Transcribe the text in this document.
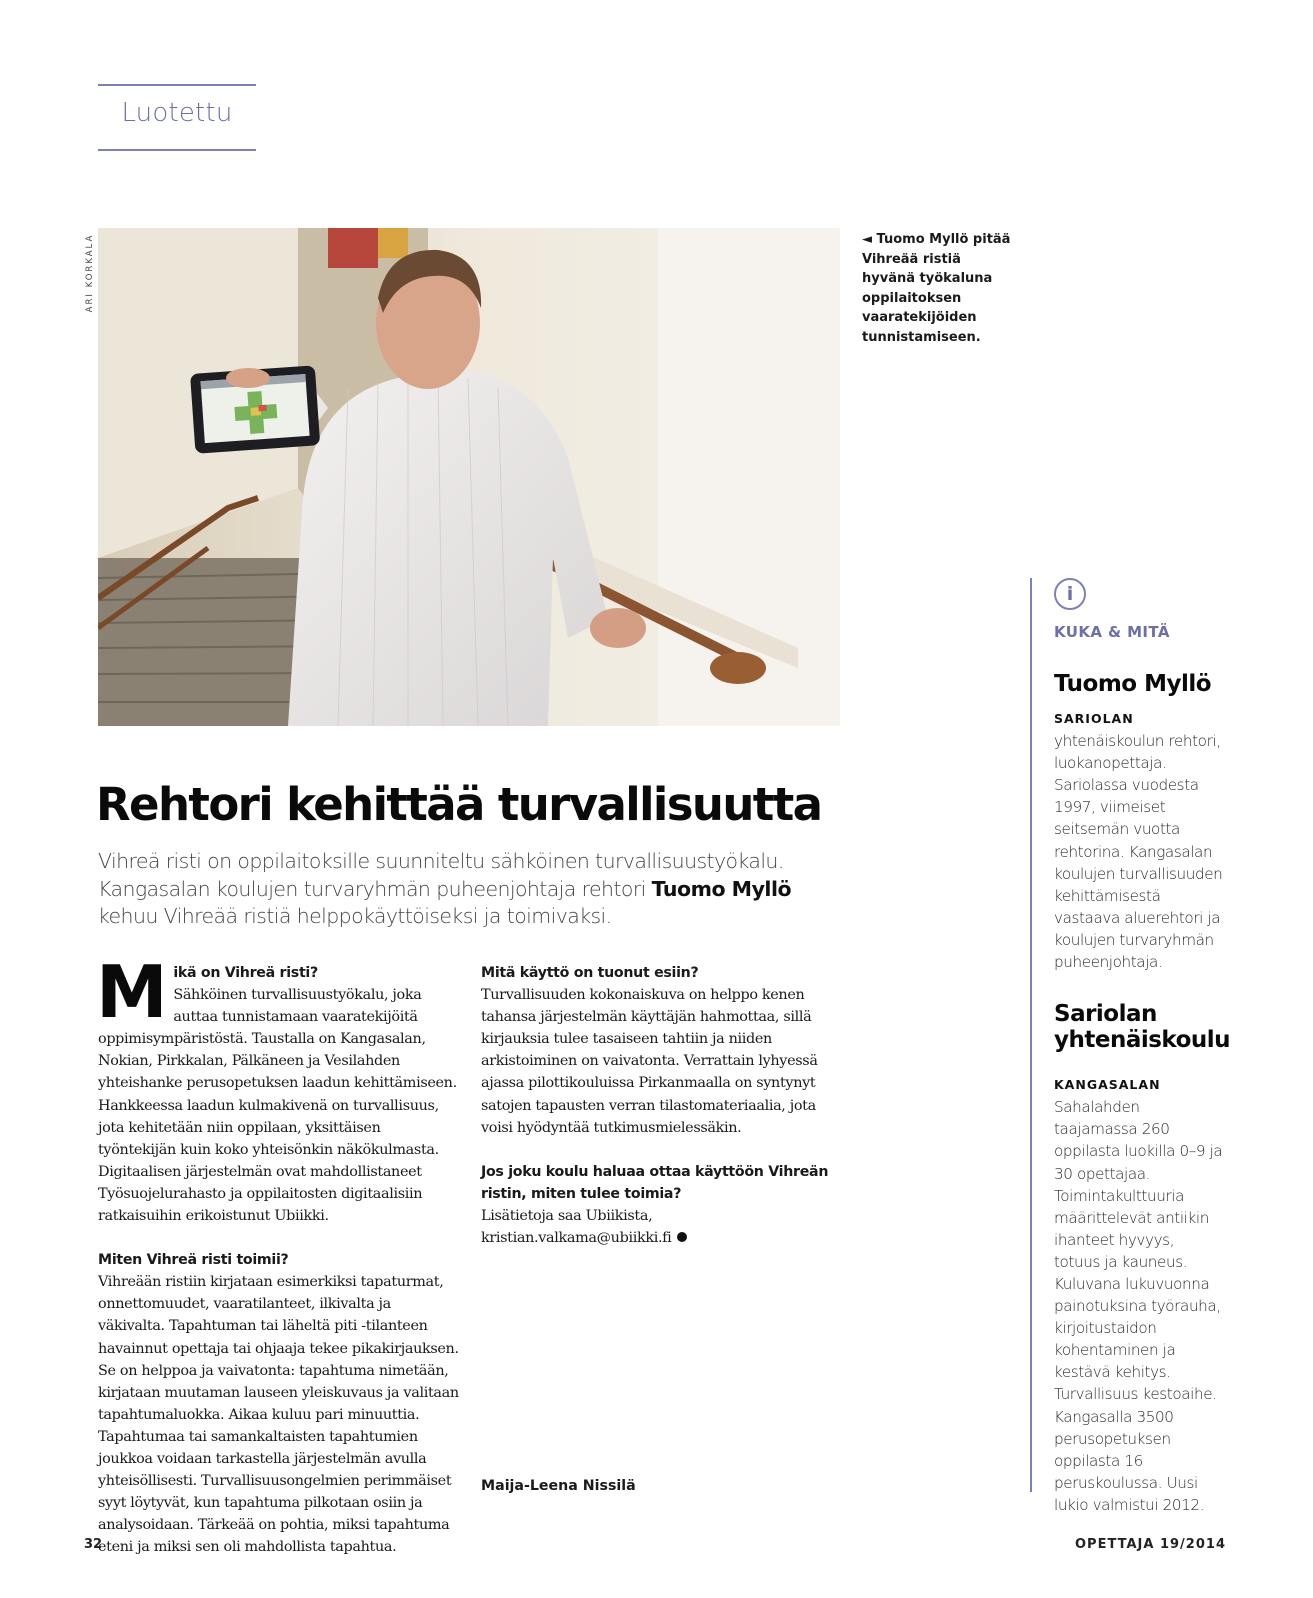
Luotettu
ARI KORKALA	◄ Tuomo Myllö pitää Vihreää ristiä hyvänä työkaluna oppilaitoksen vaaratekijöiden tunnistamiseen.
Rehtori kehittää turvallisuutta
Vihreä risti on oppilaitoksille suunniteltu sähköinen turvallisuustyökalu. Kangasalan koulujen turvaryhmän puheenjohtaja rehtori Tuomo Myllö kehuu Vihreää ristiä helppokäyttöiseksi ja toimivaksi.
M ikä on Vihreä risti?
Sähköinen turvallisuustyökalu, joka auttaa tunnistamaan vaaratekijöitä oppimisympäristöstä. Taustalla on Kangasalan, Nokian, Pirkkalan, Pälkäneen ja Vesilahden yhteishanke perusopetuksen laadun kehittämiseen. Hankkeessa laadun kulmakivenä on turvallisuus, jota kehitetään niin oppilaan, yksittäisen työntekijän kuin koko yhteisönkin näkökulmasta. Digitaalisen järjestelmän ovat mahdollistaneet Työsuojelurahasto ja oppilaitosten digitaalisiin ratkaisuihin erikoistunut Ubiikki.
Miten Vihreä risti toimii?
Vihreään ristiin kirjataan esimerkiksi tapaturmat, onnettomuudet, vaaratilanteet, ilkivalta ja väkivalta. Tapahtuman tai läheltä piti -tilanteen havainnut opettaja tai ohjaaja tekee pikakirjauksen. Se on helppoa ja vaivatonta: tapahtuma nimetään, kirjataan muutaman lauseen yleiskuvaus ja valitaan tapahtumaluokka. Aikaa kuluu pari minuuttia. Tapahtumaa tai samankaltaisten tapahtumien joukkoa voidaan tarkastella järjestelmän avulla yhteisöllisesti. Turvallisuusongelmien perimmäiset syyt löytyvät, kun tapahtuma pilkotaan osiin ja analysoidaan. Tärkeää on pohtia, miksi tapahtuma eteni ja miksi sen oli mahdollista tapahtua.
Mitä käyttö on tuonut esiin?
Turvallisuuden kokonaiskuva on helppo kenen tahansa järjestelmän käyttäjän hahmottaa, sillä kirjauksia tulee tasaiseen tahtiin ja niiden arkistoiminen on vaivatonta. Verrattain lyhyessä ajassa pilottikouluissa Pirkanmaalla on syntynyt satojen tapausten verran tilastomateriaalia, jota voisi hyödyntää tutkimusmielessäkin.
Jos joku koulu haluaa ottaa käyttöön Vihreän ristin, miten tulee toimia?
Lisätietoja saa Ubiikista, kristian.valkama@ubiikki.fi
Maija-Leena Nissilä
i
KUKA & MITÄ
Tuomo Myllö
SARIOLAN yhtenäiskoulun rehtori, luokanopettaja. Sariolassa vuodesta 1997, viimeiset seitsemän vuotta rehtorina. Kangasalan koulujen turvallisuuden kehittämisestä vastaava aluerehtori ja koulujen turvaryhmän puheenjohtaja.
Sariolan yhtenäiskoulu
KANGASALAN Sahalahden taajamassa 260 oppilasta luokilla 0–9 ja 30 opettajaa. Toimintakulttuuria määrittelevät antiikin ihanteet hyvyys, totuus ja kauneus. Kuluvana lukuvuonna painotuksina työrauha, kirjoitustaidon kohentaminen ja kestävä kehitys. Turvallisuus kestoaihe. Kangasalla 3500 perusopetuksen oppilasta 16 peruskoulussa. Uusi lukio valmistui 2012.
32	OPETTAJA 19/2014
